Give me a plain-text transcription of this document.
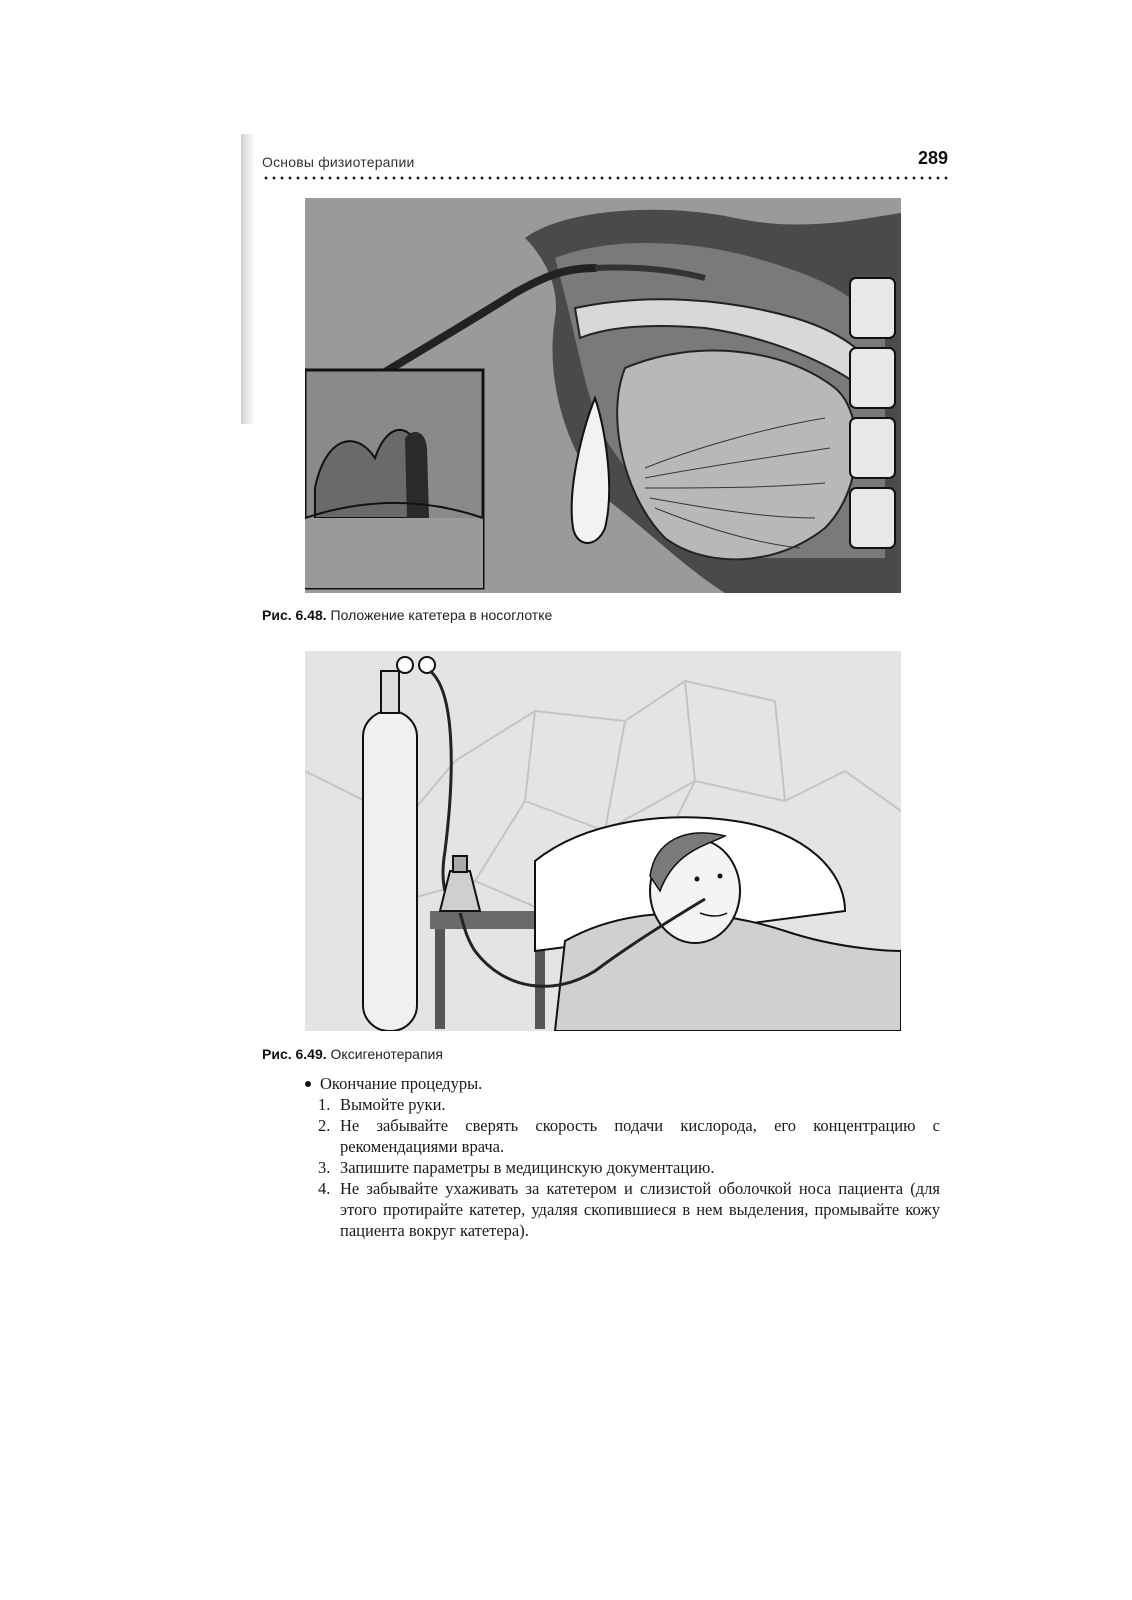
Основы физиотерапии	289
Рис. 6.48. Положение катетера в носоглотке
Рис. 6.49. Оксигенотерапия
Окончание процедуры.
1. Вымойте руки.
2. Не забывайте сверять скорость подачи кислорода, его концентрацию с рекомендациями врача.
3. Запишите параметры в медицинскую документацию.
4. Не забывайте ухаживать за катетером и слизистой оболочкой носа пациента (для этого протирайте катетер, удаляя скопившиеся в нем выделения, промывайте кожу пациента вокруг катетера).
